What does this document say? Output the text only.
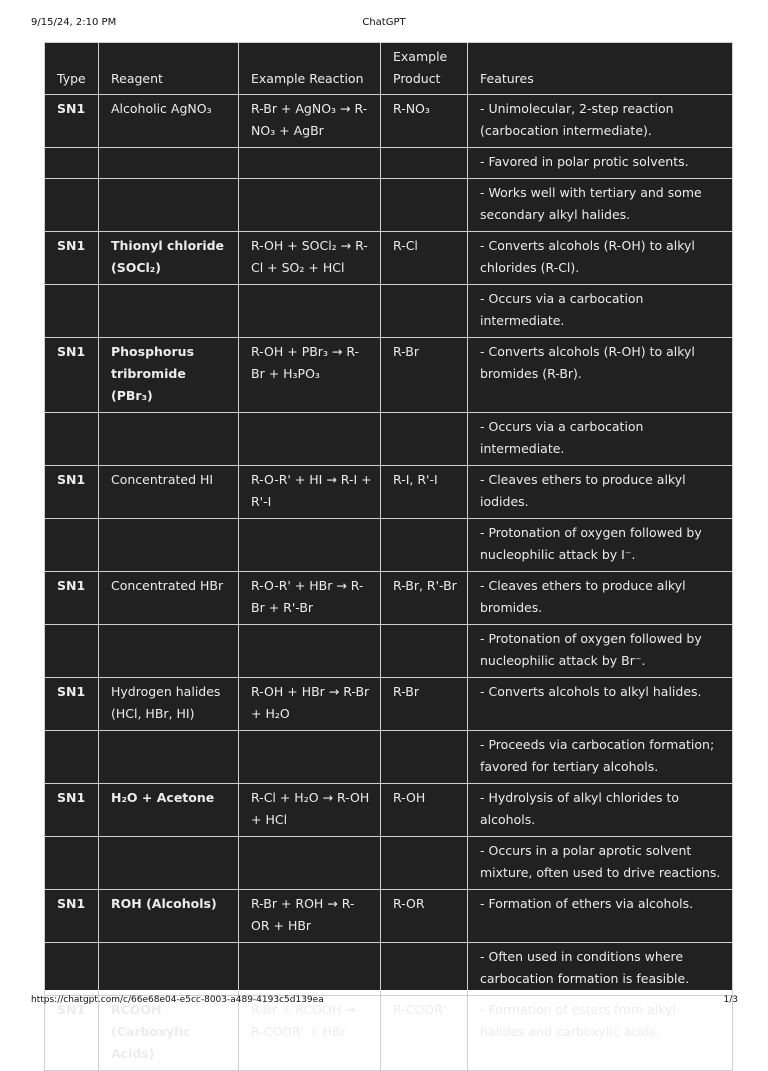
9/15/24, 2:10 PM	ChatGPT
Type	Reagent	Example Reaction	Example Product	Features
SN1	Alcoholic AgNO₃	R-Br + AgNO₃ → R-NO₃ + AgBr	R-NO₃	- Unimolecular, 2-step reaction (carbocation intermediate).
				- Favored in polar protic solvents.
				- Works well with tertiary and some secondary alkyl halides.
SN1	Thionyl chloride (SOCl₂)	R-OH + SOCl₂ → R-Cl + SO₂ + HCl	R-Cl	- Converts alcohols (R-OH) to alkyl chlorides (R-Cl).
				- Occurs via a carbocation intermediate.
SN1	Phosphorus tribromide (PBr₃)	R-OH + PBr₃ → R-Br + H₃PO₃	R-Br	- Converts alcohols (R-OH) to alkyl bromides (R-Br).
				- Occurs via a carbocation intermediate.
SN1	Concentrated HI	R-O-R' + HI → R-I + R'-I	R-I, R'-I	- Cleaves ethers to produce alkyl iodides.
				- Protonation of oxygen followed by nucleophilic attack by I⁻.
SN1	Concentrated HBr	R-O-R' + HBr → R-Br + R'-Br	R-Br, R'-Br	- Cleaves ethers to produce alkyl bromides.
				- Protonation of oxygen followed by nucleophilic attack by Br⁻.
SN1	Hydrogen halides (HCl, HBr, HI)	R-OH + HBr → R-Br + H₂O	R-Br	- Converts alcohols to alkyl halides.
				- Proceeds via carbocation formation; favored for tertiary alcohols.
SN1	H₂O + Acetone	R-Cl + H₂O → R-OH + HCl	R-OH	- Hydrolysis of alkyl chlorides to alcohols.
				- Occurs in a polar aprotic solvent mixture, often used to drive reactions.
SN1	ROH (Alcohols)	R-Br + ROH → R-OR + HBr	R-OR	- Formation of ethers via alcohols.
				- Often used in conditions where carbocation formation is feasible.
SN1	RCOOH (Carboxylic Acids)	R-Br + RCOOH → R-COOR' + HBr	R-COOR'	- Formation of esters from alkyl halides and carboxylic acids.
https://chatgpt.com/c/66e68e04-e5cc-8003-a489-4193c5d139ea	1/3
